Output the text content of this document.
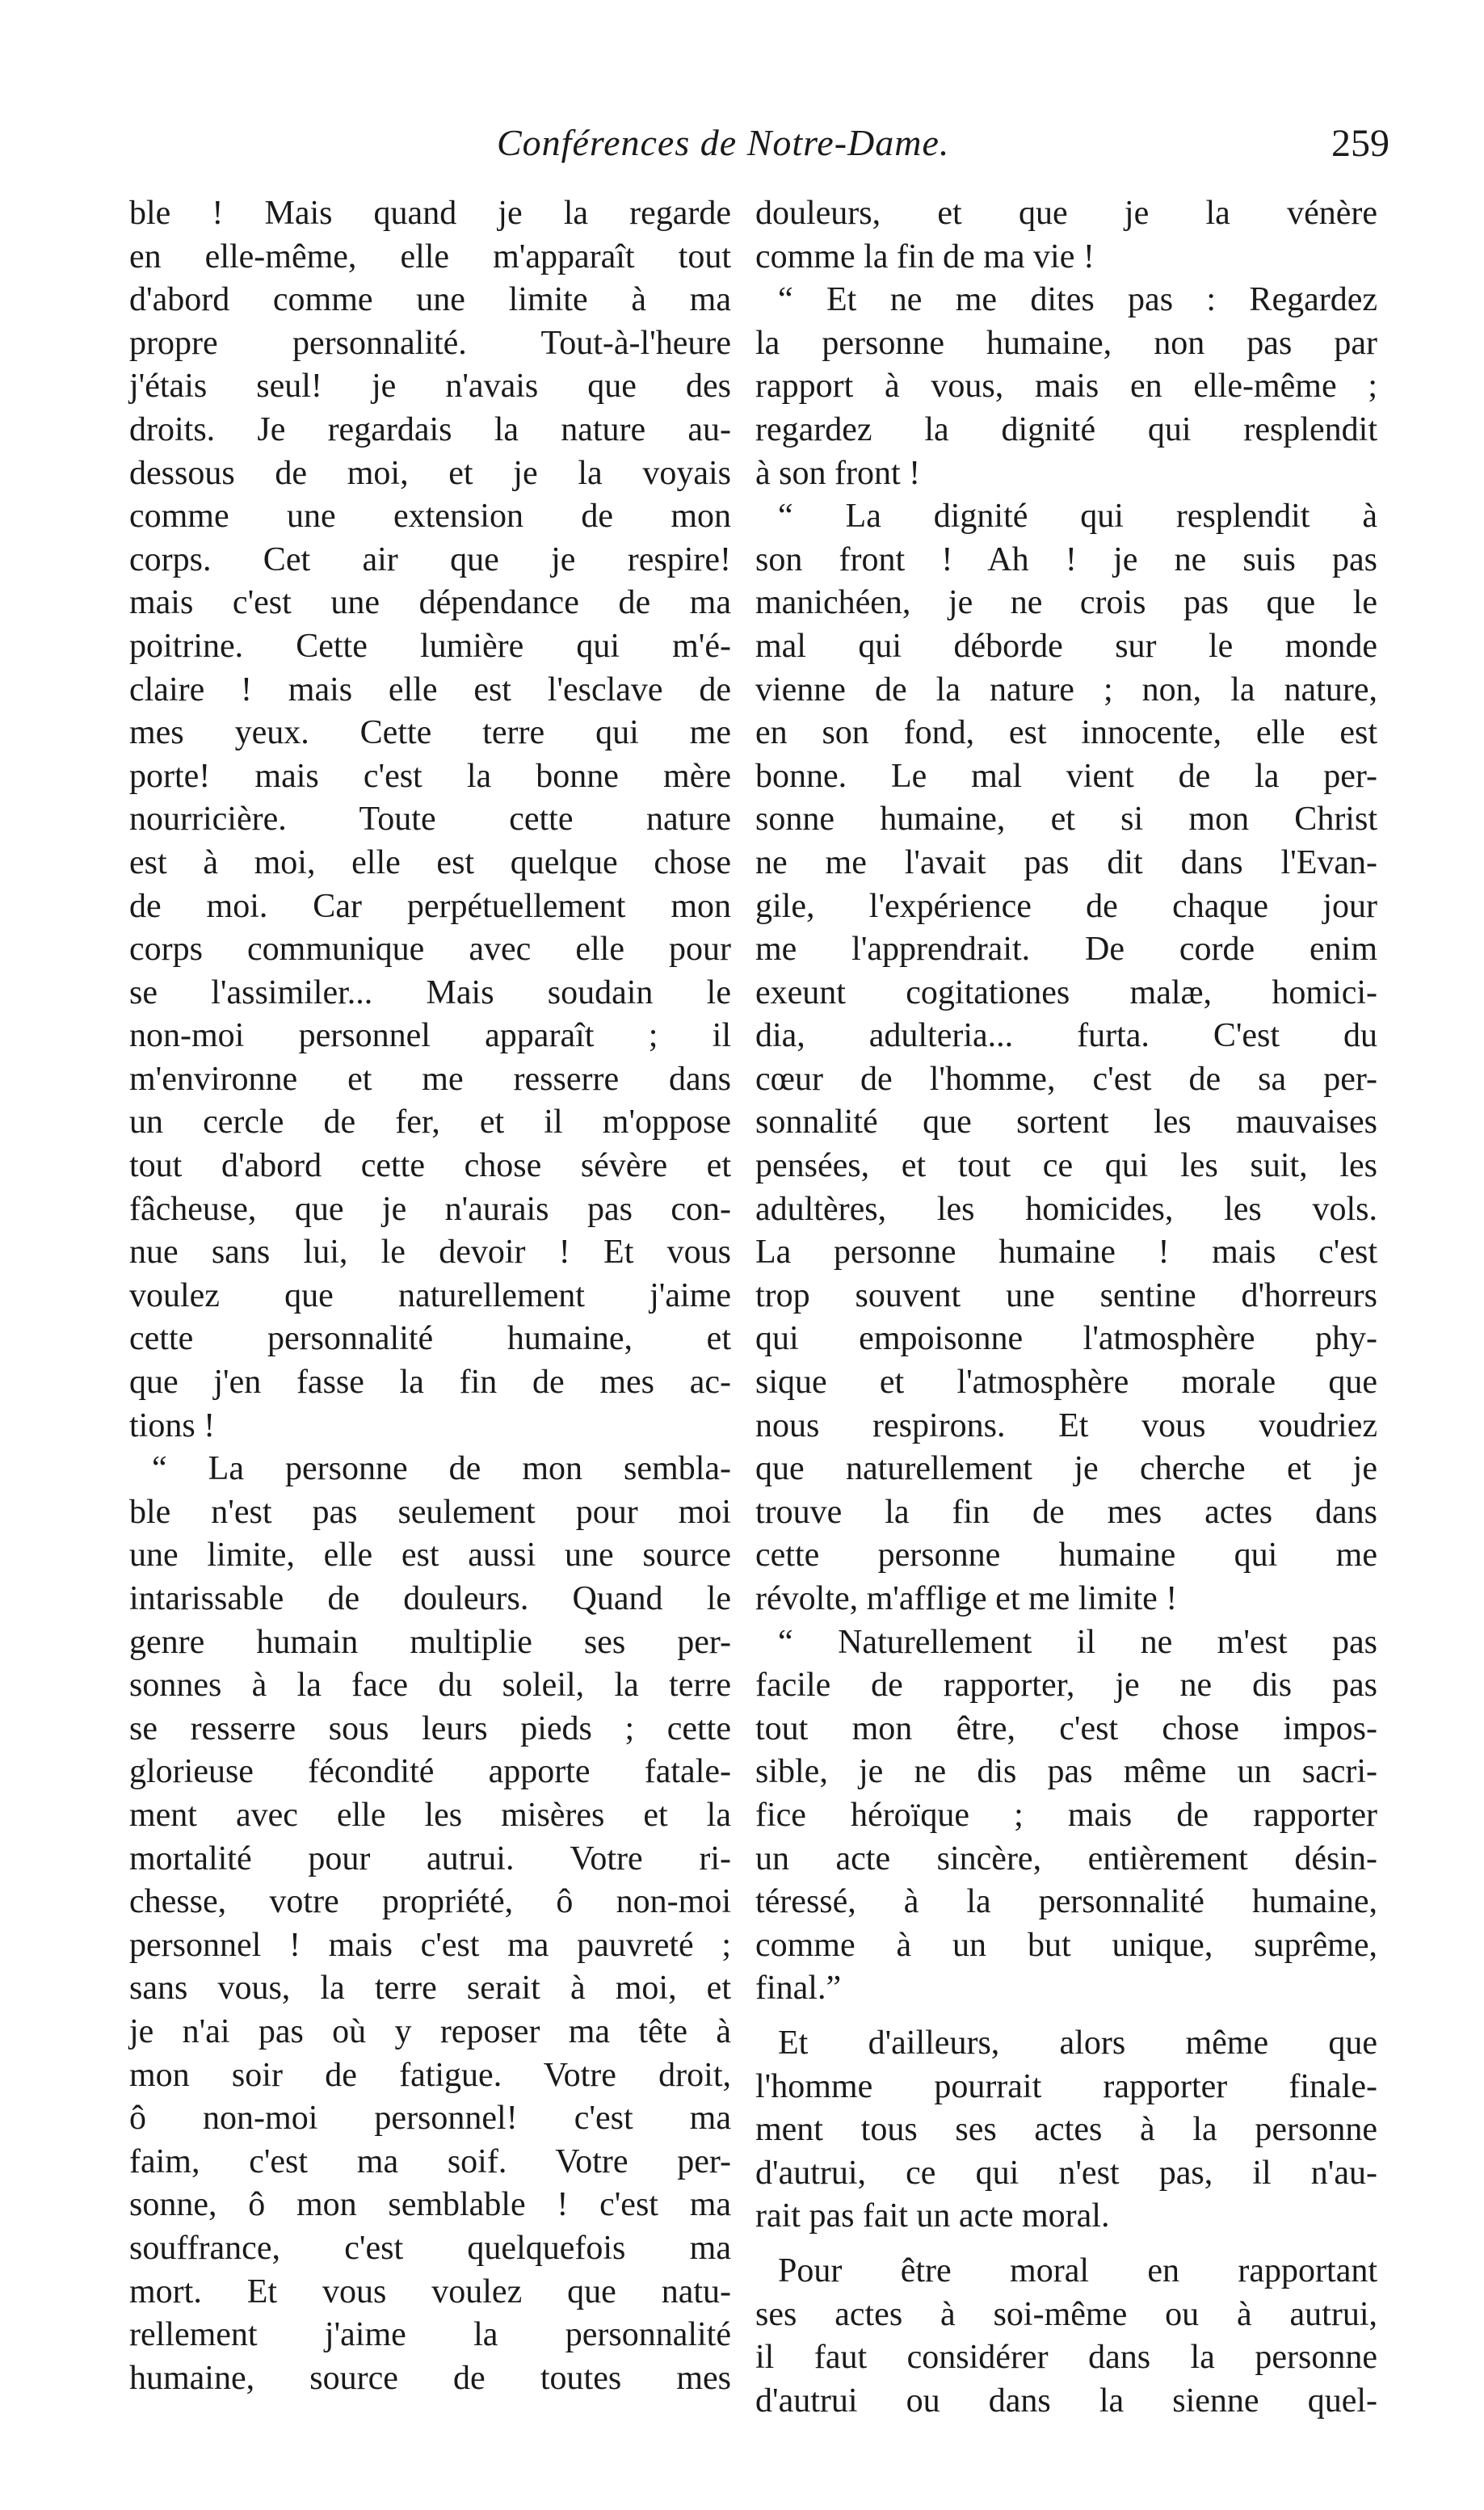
Conférences de Notre-Dame.	259
ble ! Mais quand je la regarde
en elle-même, elle m'apparaît tout
d'abord comme une limite à ma
propre personnalité. Tout-à-l'heure
j'étais seul! je n'avais que des
droits. Je regardais la nature au-
dessous de moi, et je la voyais
comme une extension de mon
corps. Cet air que je respire!
mais c'est une dépendance de ma
poitrine. Cette lumière qui m'é-
claire ! mais elle est l'esclave de
mes yeux. Cette terre qui me
porte! mais c'est la bonne mère
nourricière. Toute cette nature
est à moi, elle est quelque chose
de moi. Car perpétuellement mon
corps communique avec elle pour
se l'assimiler... Mais soudain le
non-moi personnel apparaît ; il
m'environne et me resserre dans
un cercle de fer, et il m'oppose
tout d'abord cette chose sévère et
fâcheuse, que je n'aurais pas con-
nue sans lui, le devoir ! Et vous
voulez que naturellement j'aime
cette personnalité humaine, et
que j'en fasse la fin de mes ac-
tions !
“ La personne de mon sembla-
ble n'est pas seulement pour moi
une limite, elle est aussi une source
intarissable de douleurs. Quand le
genre humain multiplie ses per-
sonnes à la face du soleil, la terre
se resserre sous leurs pieds ; cette
glorieuse fécondité apporte fatale-
ment avec elle les misères et la
mortalité pour autrui. Votre ri-
chesse, votre propriété, ô non-moi
personnel ! mais c'est ma pauvreté ;
sans vous, la terre serait à moi, et
je n'ai pas où y reposer ma tête à
mon soir de fatigue. Votre droit,
ô non-moi personnel! c'est ma
faim, c'est ma soif. Votre per-
sonne, ô mon semblable ! c'est ma
souffrance, c'est quelquefois ma
mort. Et vous voulez que natu-
rellement j'aime la personnalité
humaine, source de toutes mes
douleurs, et que je la vénère
comme la fin de ma vie !
“ Et ne me dites pas : Regardez
la personne humaine, non pas par
rapport à vous, mais en elle-même ;
regardez la dignité qui resplendit
à son front !
“ La dignité qui resplendit à
son front ! Ah ! je ne suis pas
manichéen, je ne crois pas que le
mal qui déborde sur le monde
vienne de la nature ; non, la nature,
en son fond, est innocente, elle est
bonne. Le mal vient de la per-
sonne humaine, et si mon Christ
ne me l'avait pas dit dans l'Evan-
gile, l'expérience de chaque jour
me l'apprendrait. De corde enim
exeunt cogitationes malæ, homici-
dia, adulteria... furta. C'est du
cœur de l'homme, c'est de sa per-
sonnalité que sortent les mauvaises
pensées, et tout ce qui les suit, les
adultères, les homicides, les vols.
La personne humaine ! mais c'est
trop souvent une sentine d'horreurs
qui empoisonne l'atmosphère phy-
sique et l'atmosphère morale que
nous respirons. Et vous voudriez
que naturellement je cherche et je
trouve la fin de mes actes dans
cette personne humaine qui me
révolte, m'afflige et me limite !
“ Naturellement il ne m'est pas
facile de rapporter, je ne dis pas
tout mon être, c'est chose impos-
sible, je ne dis pas même un sacri-
fice héroïque ; mais de rapporter
un acte sincère, entièrement désin-
téressé, à la personnalité humaine,
comme à un but unique, suprême,
final.”
Et d'ailleurs, alors même que
l'homme pourrait rapporter finale-
ment tous ses actes à la personne
d'autrui, ce qui n'est pas, il n'au-
rait pas fait un acte moral.
Pour être moral en rapportant
ses actes à soi-même ou à autrui,
il faut considérer dans la personne
d'autrui ou dans la sienne quel-
